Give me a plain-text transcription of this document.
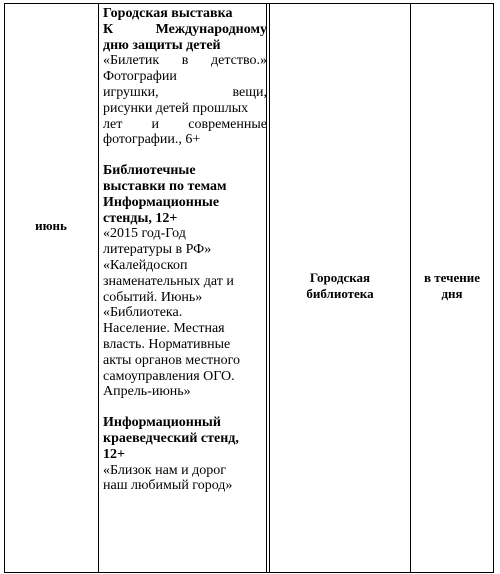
июнь

Городская выставка

К Международному

дню защиты детей

«Билетик в детство.»

Фотографии

игрушки, вещи,

рисунки детей прошлых

лет и современные

фотографии., 6+

Библиотечные

выставки по темам

Информационные

стенды, 12+

«2015 год-Год

литературы в РФ»

«Калейдоскоп

знаменательных дат и

событий. Июнь»

«Библиотека.

Население. Местная

власть. Нормативные

акты органов местного

самоуправления ОГО.

Апрель-июнь»

Информационный

краеведческий стенд,

12+

«Близок нам и дорог

наш любимый город»

Городская
библиотека
в течение
дня
